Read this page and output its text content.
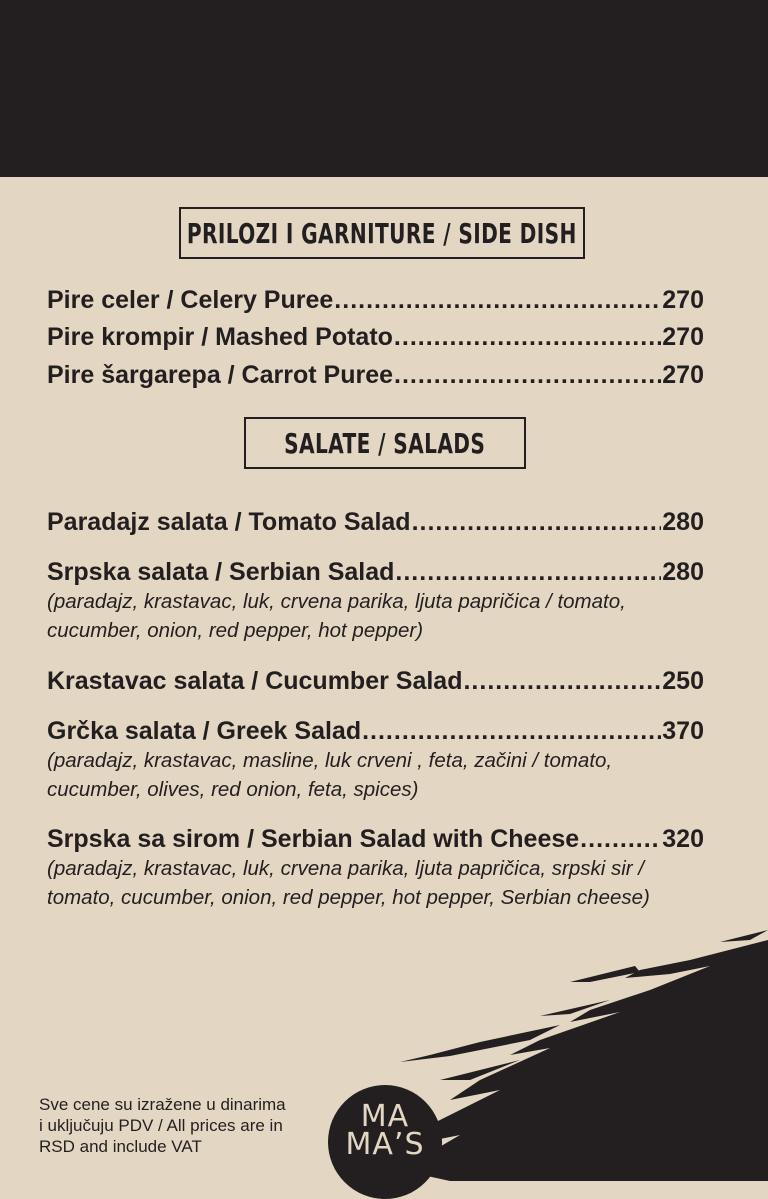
PRILOZI I GARNITURE / SIDE DISH
Pire celer / Celery Puree .....	270
Pire krompir / Mashed Potato .....	270
Pire šargarepa / Carrot Puree .....	270
SALATE / SALADS
Paradajz salata / Tomato Salad .....	280
Srpska salata / Serbian Salad .....	280
(paradajz, krastavac, luk, crvena parika, ljuta papričica / tomato,
cucumber, onion, red pepper, hot pepper)
Krastavac salata / Cucumber Salad .....	250
Grčka salata / Greek Salad .....	370
(paradajz, krastavac, masline, luk crveni , feta, začini / tomato,
cucumber, olives, red onion, feta, spices)
Srpska sa sirom / Serbian Salad with Cheese .....	320
(paradajz, krastavac, luk, crvena parika, ljuta papričica, srpski sir /
tomato, cucumber, onion, red pepper, hot pepper, Serbian cheese)
Sve cene su izražene u dinarima
i uključuju PDV / All prices are in
RSD and include VAT
MA
MA’S
